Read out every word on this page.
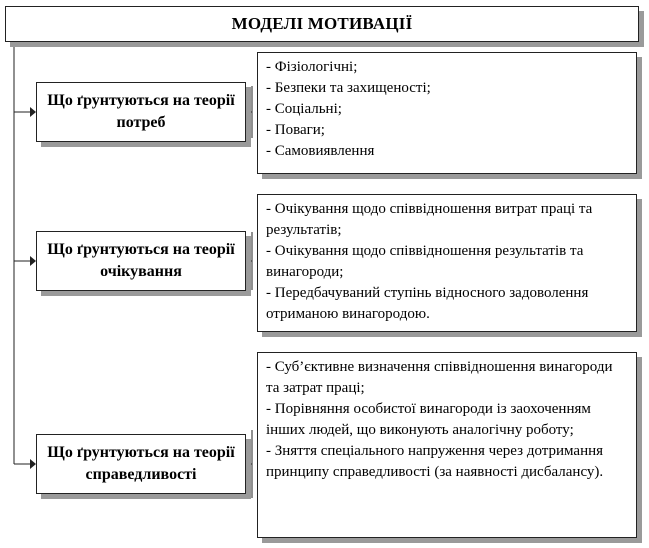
МОДЕЛІ МОТИВАЦІЇ
Що ґрунтуються на теорії потреб
- Фізіологічні;
- Безпеки та захищеності;
- Соціальні;
- Поваги;
- Самовиявлення
Що ґрунтуються на теорії очікування
- Очікування щодо співвідношення витрат праці та результатів;
- Очікування щодо співвідношення результатів та винагороди;
- Передбачуваний ступінь відносного задоволення отриманою винагородою.
Що ґрунтуються на теорії справедливості
- Суб’єктивне визначення співвідношення винагороди та затрат праці;
- Порівняння особистої винагороди із заохоченням інших людей, що виконують аналогічну роботу;
- Зняття спеціального напруження через дотримання принципу справедливості (за наявності дисбалансу).
